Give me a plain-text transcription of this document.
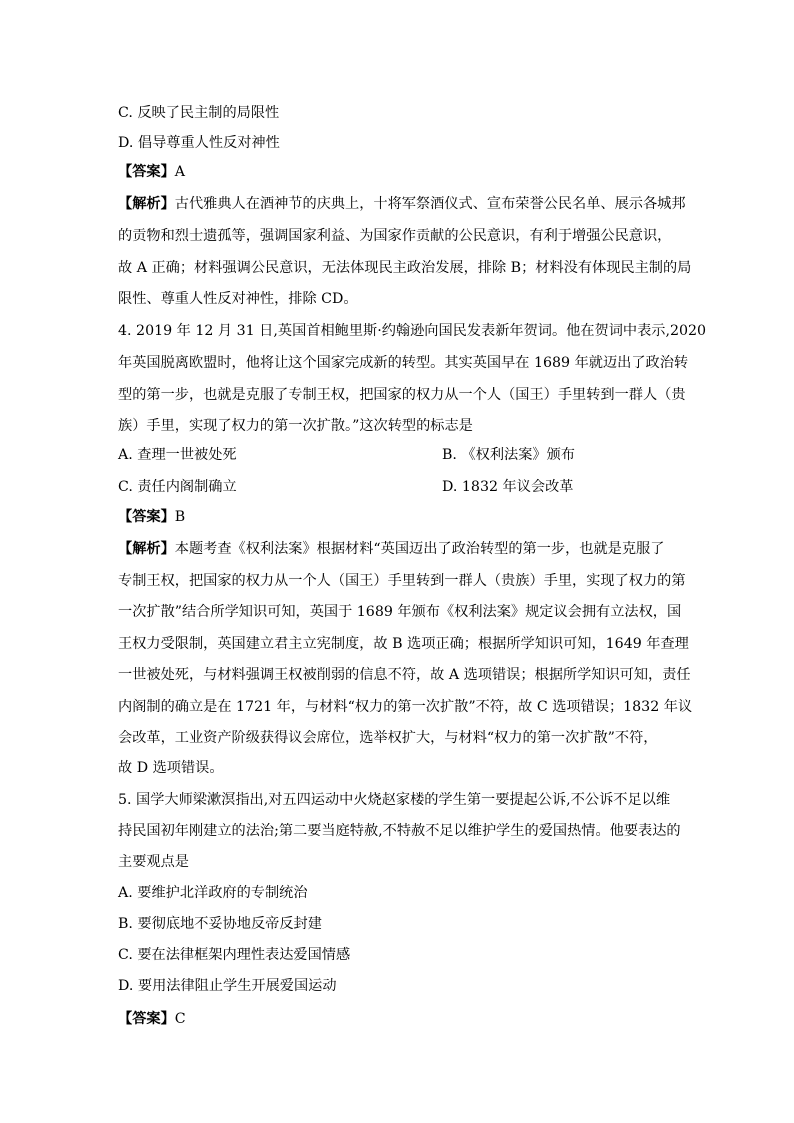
C. 反映了民主制的局限性
D. 倡导尊重人性反对神性
【答案】A
【解析】古代雅典人在酒神节的庆典上，十将军祭酒仪式、宣布荣誉公民名单、展示各城邦
的贡物和烈士遗孤等，强调国家利益、为国家作贡献的公民意识，有利于增强公民意识，
故 A 正确；材料强调公民意识，无法体现民主政治发展，排除 B；材料没有体现民主制的局
限性、尊重人性反对神性，排除 CD。
4. 2019 年 12 月 31 日,英国首相鲍里斯·约翰逊向国民发表新年贺词。他在贺词中表示,2020
年英国脱离欧盟时，他将让这个国家完成新的转型。其实英国早在 1689 年就迈出了政治转
型的第一步，也就是克服了专制王权，把国家的权力从一个人（国王）手里转到一群人（贵
族）手里，实现了权力的第一次扩散。”这次转型的标志是
A. 查理一世被处死	B. 《权利法案》颁布
C. 责任内阁制确立	D. 1832 年议会改革
【答案】B
【解析】本题考查《权利法案》根据材料“英国迈出了政治转型的第一步，也就是克服了
专制王权，把国家的权力从一个人（国王）手里转到一群人（贵族）手里，实现了权力的第
一次扩散”结合所学知识可知，英国于 1689 年颁布《权利法案》规定议会拥有立法权，国
王权力受限制，英国建立君主立宪制度，故 B 选项正确；根据所学知识可知，1649 年查理
一世被处死，与材料强调王权被削弱的信息不符，故 A 选项错误；根据所学知识可知，责任
内阁制的确立是在 1721 年，与材料“权力的第一次扩散”不符，故 C 选项错误；1832 年议
会改革，工业资产阶级获得议会席位，选举权扩大，与材料“权力的第一次扩散”不符，
故 D 选项错误。
5. 国学大师梁漱溟指出,对五四运动中火烧赵家楼的学生第一要提起公诉,不公诉不足以维
持民国初年刚建立的法治;第二要当庭特赦,不特赦不足以维护学生的爱国热情。他要表达的
主要观点是
A. 要维护北洋政府的专制统治
B. 要彻底地不妥协地反帝反封建
C. 要在法律框架内理性表达爱国情感
D. 要用法律阻止学生开展爱国运动
【答案】C
